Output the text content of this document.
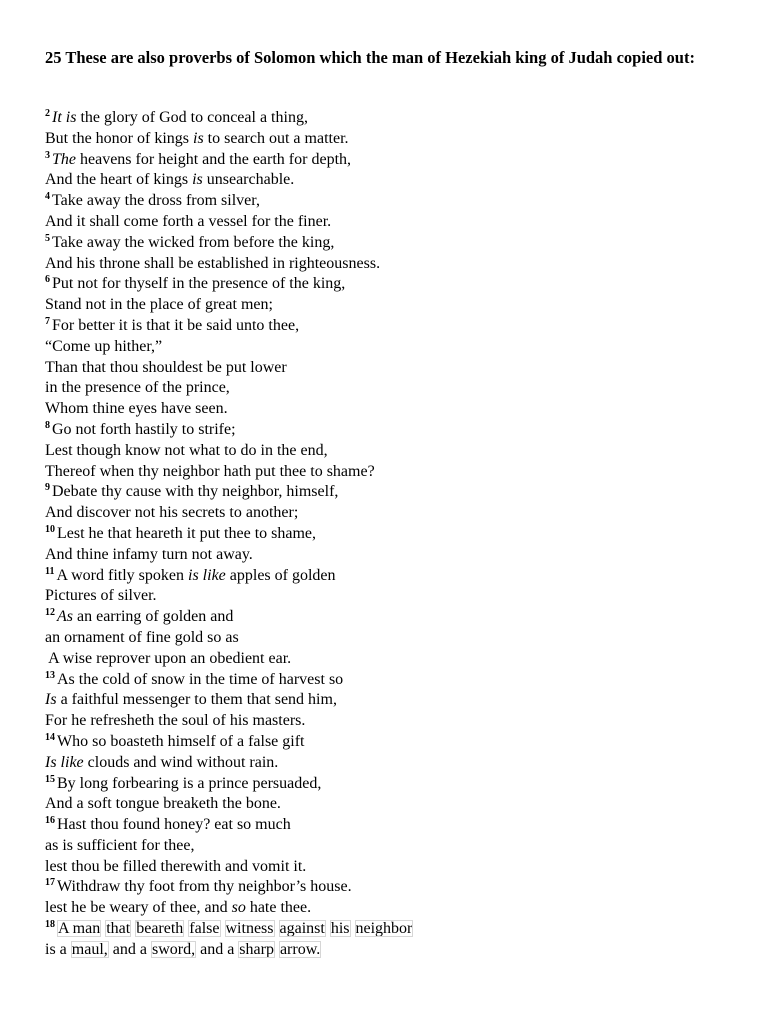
25 These are also proverbs of Solomon which the man of Hezekiah king of Judah copied out:
$^2$ It is the glory of God to conceal a thing,
But the honor of kings is to search out a matter.
$^3$ The heavens for height and the earth for depth,
And the heart of kings is unsearchable.
$^4$ Take away the dross from silver,
And it shall come forth a vessel for the finer.
$^5$ Take away the wicked from before the king,
And his throne shall be established in righteousness.
$^6$ Put not for thyself in the presence of the king,
Stand not in the place of great men;
$^7$ For better it is that it be said unto thee,
“Come up hither,”
Than that thou shouldest be put lower
in the presence of the prince,
Whom thine eyes have seen.
$^8$ Go not forth hastily to strife;
Lest though know not what to do in the end,
Thereof when thy neighbor hath put thee to shame?
$^9$ Debate thy cause with thy neighbor, himself,
And discover not his secrets to another;
$^{10}$ Lest he that heareth it put thee to shame,
And thine infamy turn not away.
$^{11}$ A word fitly spoken is like apples of golden
Pictures of silver.
$^{12}$ As an earring of golden and
an ornament of fine gold so as
A wise reprover upon an obedient ear.
$^{13}$ As the cold of snow in the time of harvest so
Is a faithful messenger to them that send him,
For he refresheth the soul of his masters.
$^{14}$ Who so boasteth himself of a false gift
Is like clouds and wind without rain.
$^{15}$ By long forbearing is a prince persuaded,
And a soft tongue breaketh the bone.
$^{16}$ Hast thou found honey? eat so much
as is sufficient for thee,
lest thou be filled therewith and vomit it.
$^{17}$ Withdraw thy foot from thy neighbor’s house.
lest he be weary of thee, and so hate thee.
$^{18}$ A man that beareth false witness against his neighbor
is a maul, and a sword, and a sharp arrow.
